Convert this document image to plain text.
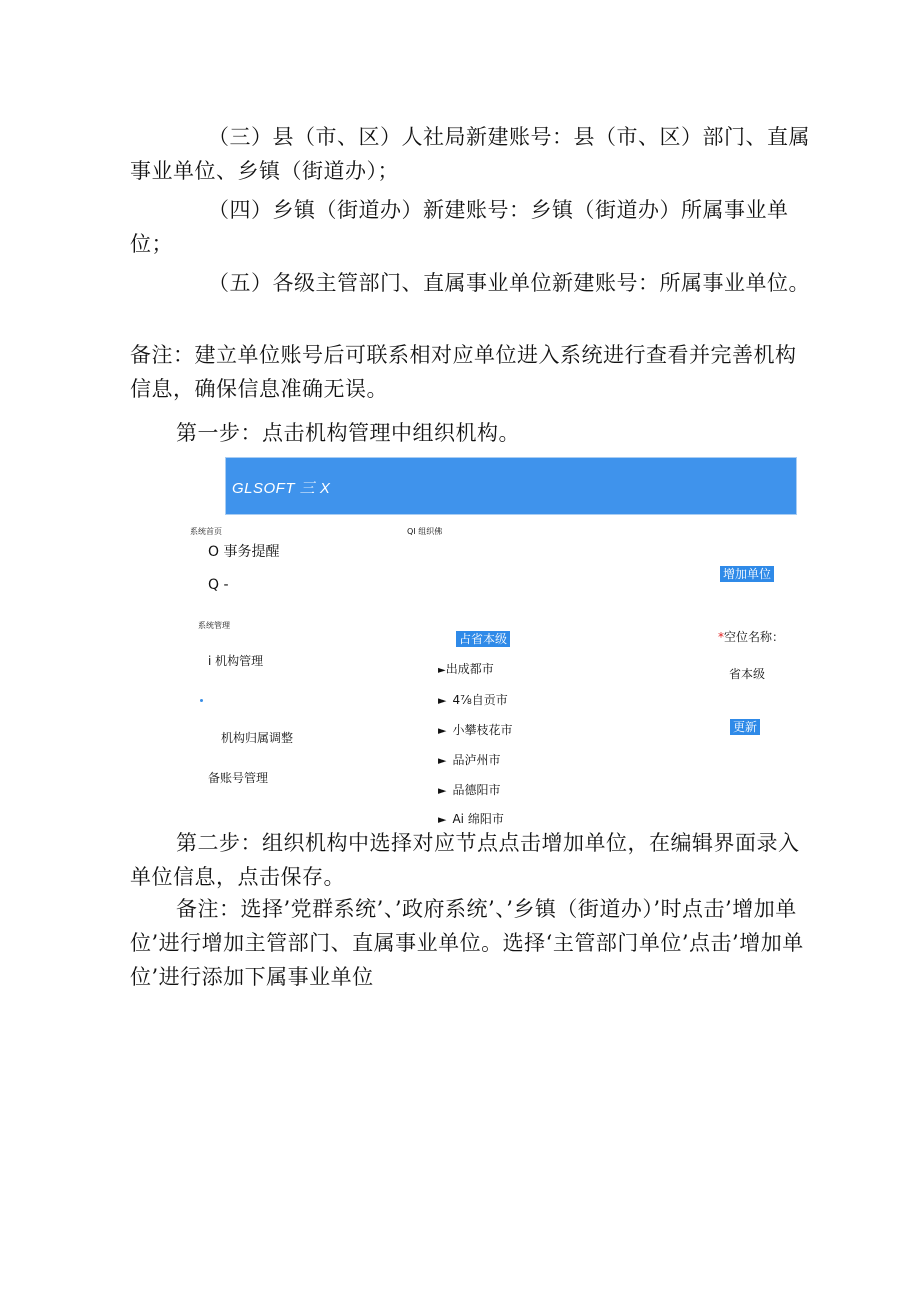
（三）县（市、区）人社局新建账号：县（市、区）部门、直属事业单位、乡镇（街道办）；

（四）乡镇（街道办）新建账号：乡镇（街道办）所属事业单位；

（五）各级主管部门、直属事业单位新建账号：所属事业单位。

备注：建立单位账号后可联系相对应单位进入系统进行查看并完善机构信息，确保信息准确无误。

第一步：点击机构管理中组织机构。

GLSOFT 三 X
系统首页	QI 组织佛
O 事务提醒
Q -
增加单位
系统管理
占省本级	*空位名称：
i 机构管理
►出成都市	省本级
► 4⅞自贡市
► 小攀枝花市	更新
机构归属调整
► 品泸州市
备账号管理
► 品德阳市
► Ai 绵阳市

第二步：组织机构中选择对应节点点击增加单位，在编辑界面录入单位信息，点击保存。

备注：选择’党群系统’、’政府系统’、’乡镇（街道办）’时点击’增加单位’进行增加主管部门、直属事业单位。选择‘主管部门单位’点击’增加单位’进行添加下属事业单位
